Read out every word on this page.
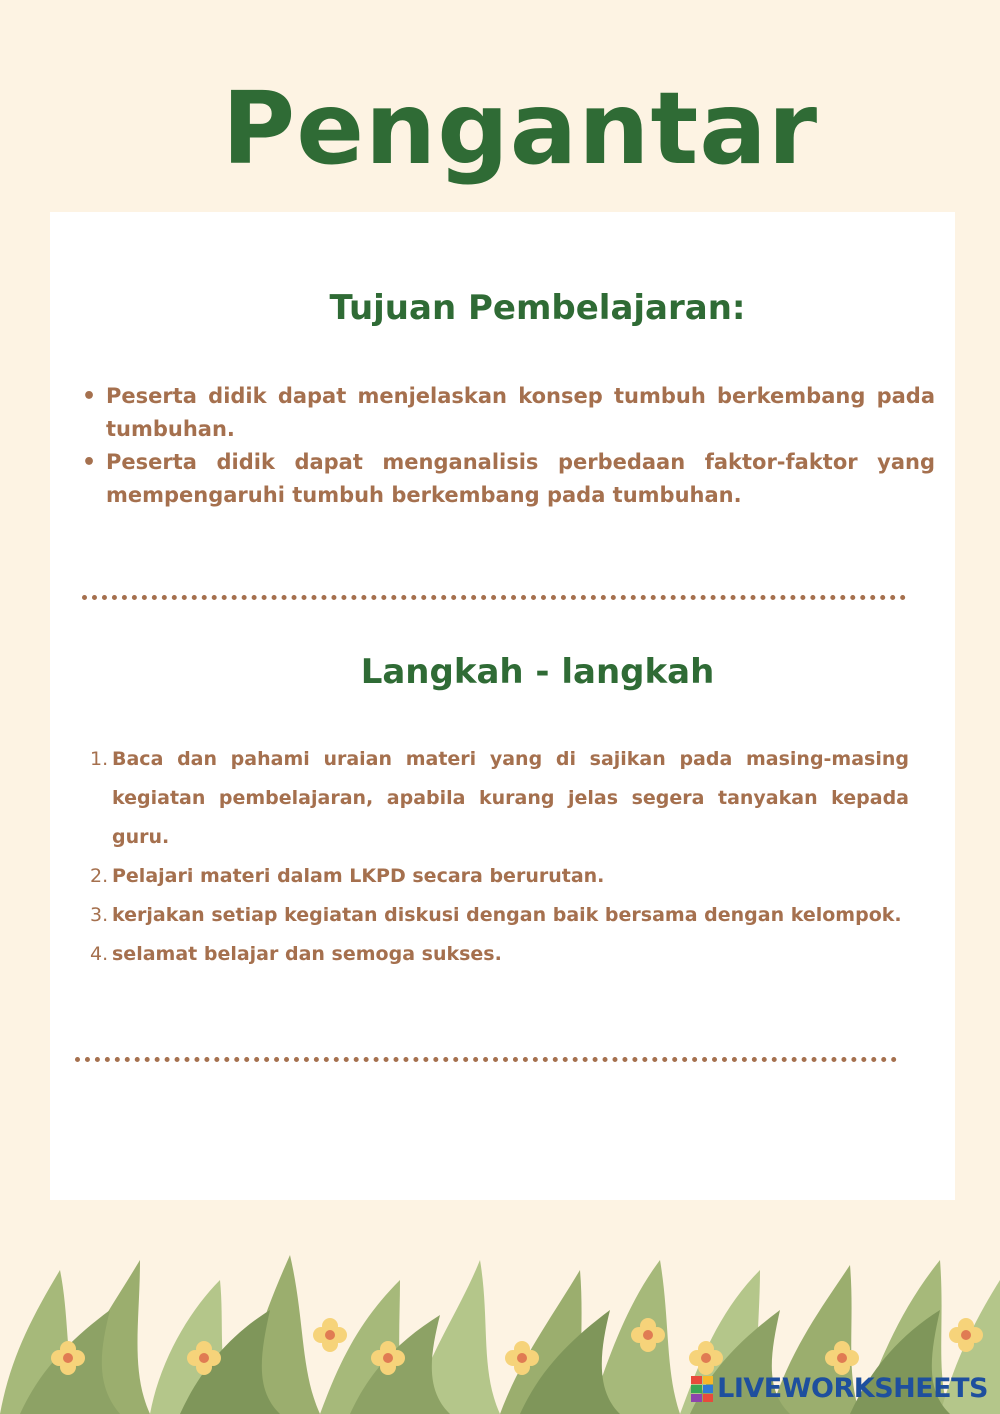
Pengantar
Tujuan Pembelajaran:
• Peserta didik dapat menjelaskan konsep tumbuh berkembang pada tumbuhan.
• Peserta didik dapat menganalisis perbedaan faktor-faktor yang mempengaruhi tumbuh berkembang pada tumbuhan.
Langkah - langkah
1. Baca dan pahami uraian materi yang di sajikan pada masing-masing kegiatan pembelajaran, apabila kurang jelas segera tanyakan kepada guru.
2. Pelajari materi dalam LKPD secara berurutan.
3. kerjakan setiap kegiatan diskusi dengan baik bersama dengan kelompok.
4. selamat belajar dan semoga sukses.
LIVEWORKSHEETS
